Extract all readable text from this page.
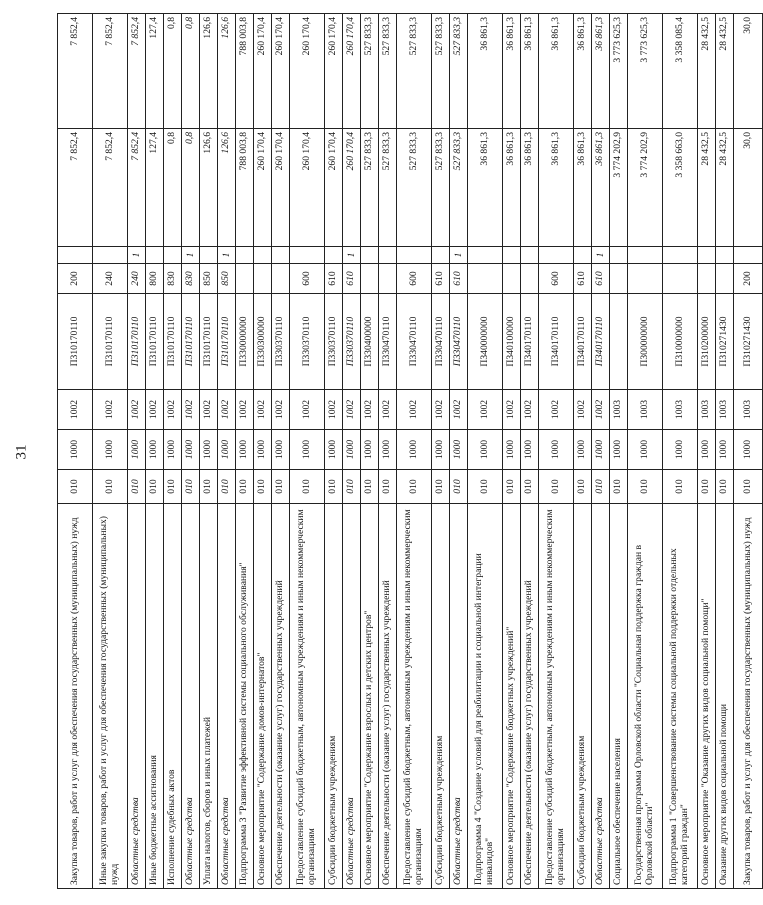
31
Закупка товаров, работ и услуг для обеспечения государственных (муниципальных) нужд	010	1000	1002	П310170110	200		7 852,4	7 852,4
Иные закупки товаров, работ и услуг для обеспечения государственных (муниципальных) нужд	010	1000	1002	П310170110	240		7 852,4	7 852,4
Областные средства	010	1000	1002	П310170110	240	1	7 852,4	7 852,4
Иные бюджетные ассигнования	010	1000	1002	П310170110	800		127,4	127,4
Исполнение судебных актов	010	1000	1002	П310170110	830		0,8	0,8
Областные средства	010	1000	1002	П310170110	830	1	0,8	0,8
Уплата налогов, сборов и иных платежей	010	1000	1002	П310170110	850		126,6	126,6
Областные средства	010	1000	1002	П310170110	850	1	126,6	126,6
Подпрограмма 3 "Развитие эффективной системы социального обслуживания"	010	1000	1002	П330000000			788 003,8	788 003,8
Основное мероприятие "Содержание домов-интернатов"	010	1000	1002	П330300000			260 170,4	260 170,4
Обеспечение деятельности (оказание услуг) государственных учреждений	010	1000	1002	П330370110			260 170,4	260 170,4
Предоставление субсидий бюджетным, автономным учреждениям и иным некоммерческим организациям	010	1000	1002	П330370110	600		260 170,4	260 170,4
Субсидии бюджетным учреждениям	010	1000	1002	П330370110	610		260 170,4	260 170,4
Областные средства	010	1000	1002	П330370110	610	1	260 170,4	260 170,4
Основное мероприятие "Содержание взрослых и детских центров"	010	1000	1002	П330400000			527 833,3	527 833,3
Обеспечение деятельности (оказание услуг) государственных учреждений	010	1000	1002	П330470110			527 833,3	527 833,3
Предоставление субсидий бюджетным, автономным учреждениям и иным некоммерческим организациям	010	1000	1002	П330470110	600		527 833,3	527 833,3
Субсидии бюджетным учреждениям	010	1000	1002	П330470110	610		527 833,3	527 833,3
Областные средства	010	1000	1002	П330470110	610	1	527 833,3	527 833,3
Подпрограмма 4 "Создание условий для реабилитации и социальной интеграции инвалидов"	010	1000	1002	П340000000			36 861,3	36 861,3
Основное мероприятие "Содержание бюджетных учреждений"	010	1000	1002	П340100000			36 861,3	36 861,3
Обеспечение деятельности (оказание услуг) государственных учреждений	010	1000	1002	П340170110			36 861,3	36 861,3
Предоставление субсидий бюджетным, автономным учреждениям и иным некоммерческим организациям	010	1000	1002	П340170110	600		36 861,3	36 861,3
Субсидии бюджетным учреждениям	010	1000	1002	П340170110	610		36 861,3	36 861,3
Областные средства	010	1000	1002	П340170110	610	1	36 861,3	36 861,3
Социальное обеспечение населения	010	1000	1003				3 774 202,9	3 773 625,3
Государственная программа Орловской области "Социальная поддержка граждан в Орловской области"	010	1000	1003	П300000000			3 774 202,9	3 773 625,3
Подпрограмма 1 "Совершенствование системы социальной поддержки отдельных категорий граждан"	010	1000	1003	П310000000			3 358 663,0	3 358 085,4
Основное мероприятие "Оказание других видов социальной помощи"	010	1000	1003	П310200000			28 432,5	28 432,5
Оказание других видов социальной помощи	010	1000	1003	П310271430			28 432,5	28 432,5
Закупка товаров, работ и услуг для обеспечения государственных (муниципальных) нужд	010	1000	1003	П310271430	200		30,0	30,0
